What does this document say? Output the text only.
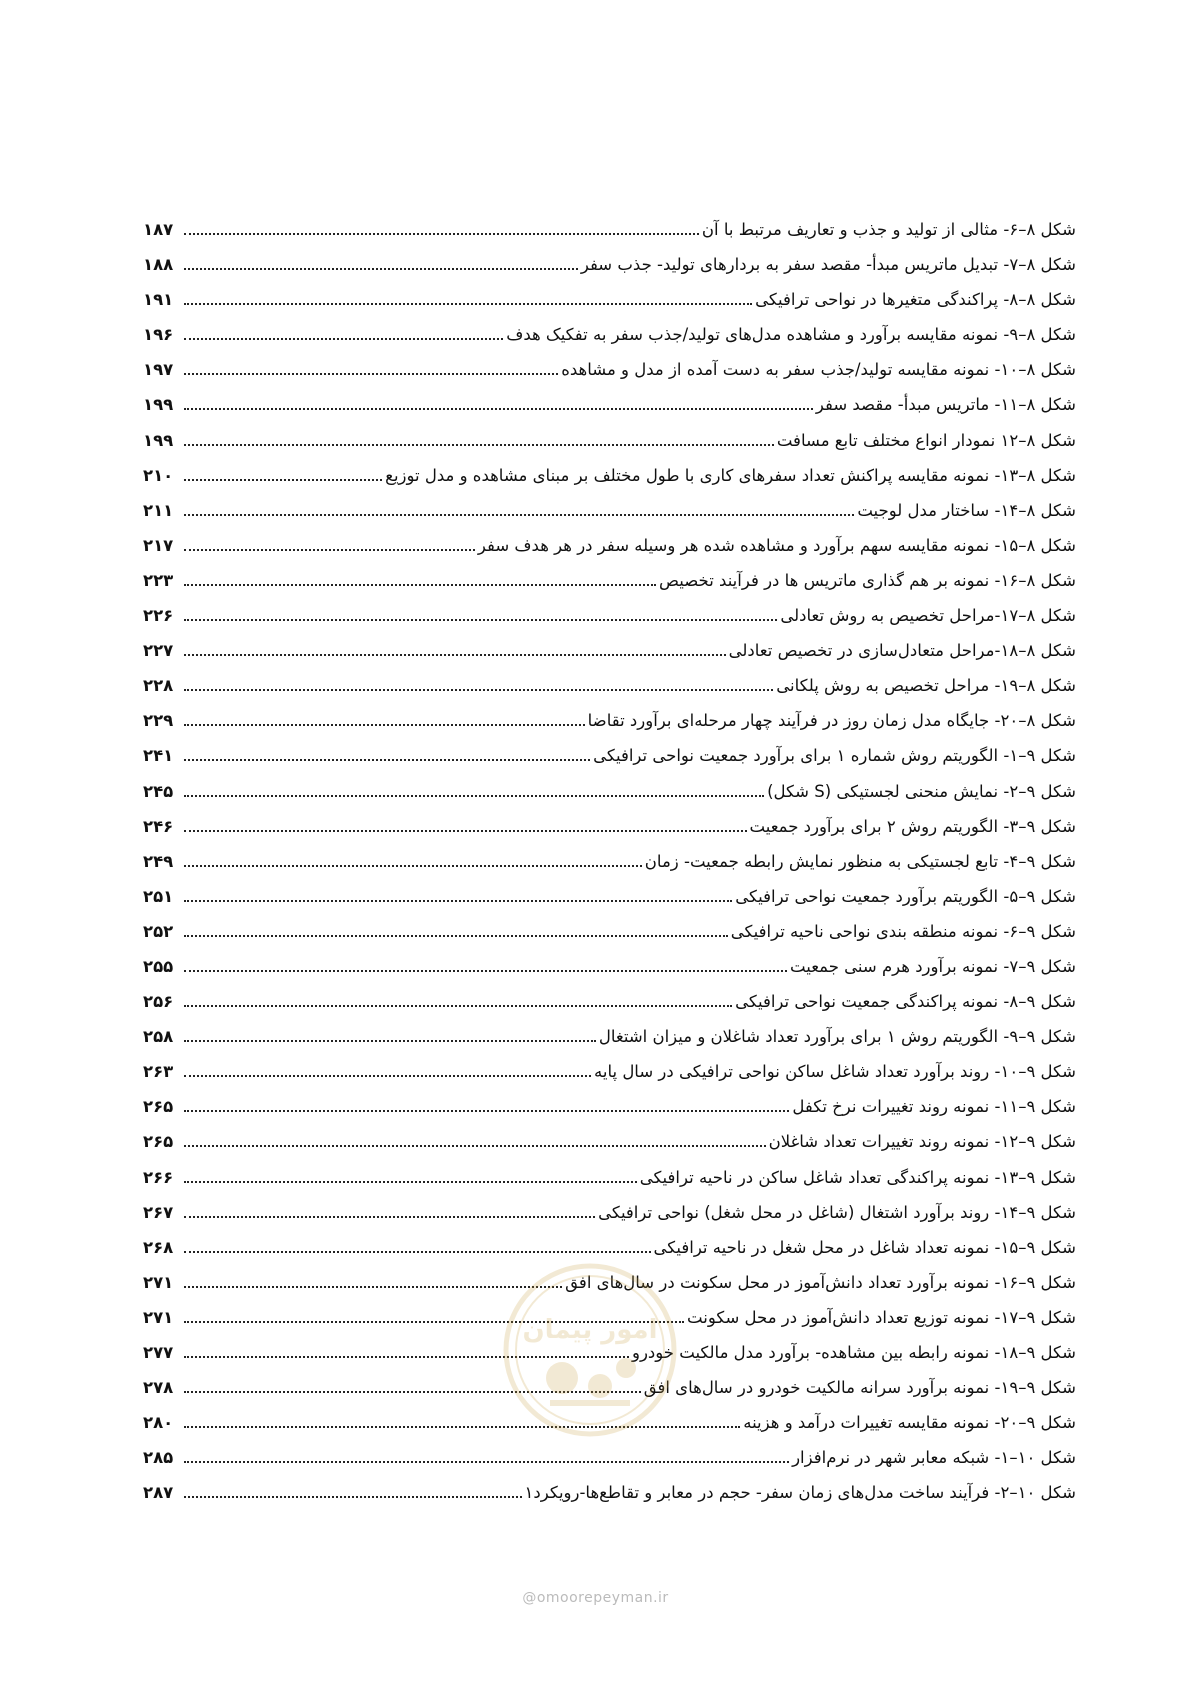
شکل ۸–۶- مثالی از تولید و جذب و تعاریف مرتبط با آن
۱۸۷
شکل ۸–۷- تبدیل ماتریس مبدأ- مقصد سفر به بردارهای تولید- جذب سفر
۱۸۸
شکل ۸–۸- پراکندگی متغیرها در نواحی ترافیکی
۱۹۱
شکل ۸–۹- نمونه مقایسه برآورد و مشاهده مدل‌های تولید/جذب سفر به تفکیک هدف
۱۹۶
شکل ۸–۱۰- نمونه مقایسه تولید/جذب سفر به دست آمده از مدل و مشاهده
۱۹۷
شکل ۸–۱۱- ماتریس مبدأ- مقصد سفر
۱۹۹
شکل ۸–۱۲ نمودار انواع مختلف تابع مسافت
۱۹۹
شکل ۸–۱۳- نمونه مقایسه پراکنش تعداد سفرهای کاری با طول مختلف بر مبنای مشاهده و مدل توزیع
۲۱۰
شکل ۸–۱۴- ساختار مدل لوجیت
۲۱۱
شکل ۸–۱۵- نمونه مقایسه سهم برآورد و مشاهده شده هر وسیله سفر در هر هدف سفر
۲۱۷
شکل ۸–۱۶- نمونه بر هم گذاری ماتریس ها در فرآیند تخصیص
۲۲۳
شکل ۸–۱۷-مراحل تخصیص به روش تعادلی
۲۲۶
شکل ۸–۱۸-مراحل متعادل‌سازی در تخصیص تعادلی
۲۲۷
شکل ۸–۱۹- مراحل تخصیص به روش پلکانی
۲۲۸
شکل ۸–۲۰- جایگاه مدل زمان روز در فرآیند چهار مرحله‌ای برآورد تقاضا
۲۲۹
شکل ۹–۱- الگوریتم روش شماره ۱ برای برآورد جمعیت نواحی ترافیکی
۲۴۱
شکل ۹–۲- نمایش منحنی لجستیکی (S شکل)
۲۴۵
شکل ۹–۳- الگوریتم روش ۲ برای برآورد جمعیت
۲۴۶
شکل ۹–۴- تابع لجستیکی به منظور نمایش رابطه جمعیت- زمان
۲۴۹
شکل ۹–۵- الگوریتم برآورد جمعیت نواحی ترافیکی
۲۵۱
شکل ۹–۶- نمونه منطقه بندی نواحی ناحیه ترافیکی
۲۵۲
شکل ۹–۷- نمونه برآورد هرم سنی جمعیت
۲۵۵
شکل ۹–۸- نمونه پراکندگی جمعیت نواحی ترافیکی
۲۵۶
شکل ۹–۹- الگوریتم روش ۱ برای برآورد تعداد شاغلان و میزان اشتغال
۲۵۸
شکل ۹–۱۰- روند برآورد تعداد شاغل ساکن نواحی ترافیکی در سال پایه
۲۶۳
شکل ۹–۱۱- نمونه روند تغییرات نرخ تکفل
۲۶۵
شکل ۹–۱۲- نمونه روند تغییرات تعداد شاغلان
۲۶۵
شکل ۹–۱۳- نمونه پراکندگی تعداد شاغل ساکن در ناحیه ترافیکی
۲۶۶
شکل ۹–۱۴- روند برآورد اشتغال (شاغل در محل شغل) نواحی ترافیکی
۲۶۷
شکل ۹–۱۵- نمونه تعداد شاغل در محل شغل در ناحیه ترافیکی
۲۶۸
شکل ۹–۱۶- نمونه برآورد تعداد دانش‌آموز در محل سکونت در سال‌های افق
۲۷۱
شکل ۹–۱۷- نمونه توزیع تعداد دانش‌آموز در محل سکونت
۲۷۱
شکل ۹–۱۸- نمونه رابطه بین مشاهده- برآورد مدل مالکیت خودرو
۲۷۷
شکل ۹–۱۹- نمونه برآورد سرانه مالکیت خودرو در سال‌های افق
۲۷۸
شکل ۹–۲۰- نمونه مقایسه تغییرات درآمد و هزینه
۲۸۰
شکل ۱۰–۱- شبکه معابر شهر در نرم‌افزار
۲۸۵
شکل ۱۰–۲- فرآیند ساخت مدل‌های زمان سفر- حجم در معابر و تقاطع‌ها-رویکرد۱
۲۸۷
امور پیمان
@omoorepeyman.ir
